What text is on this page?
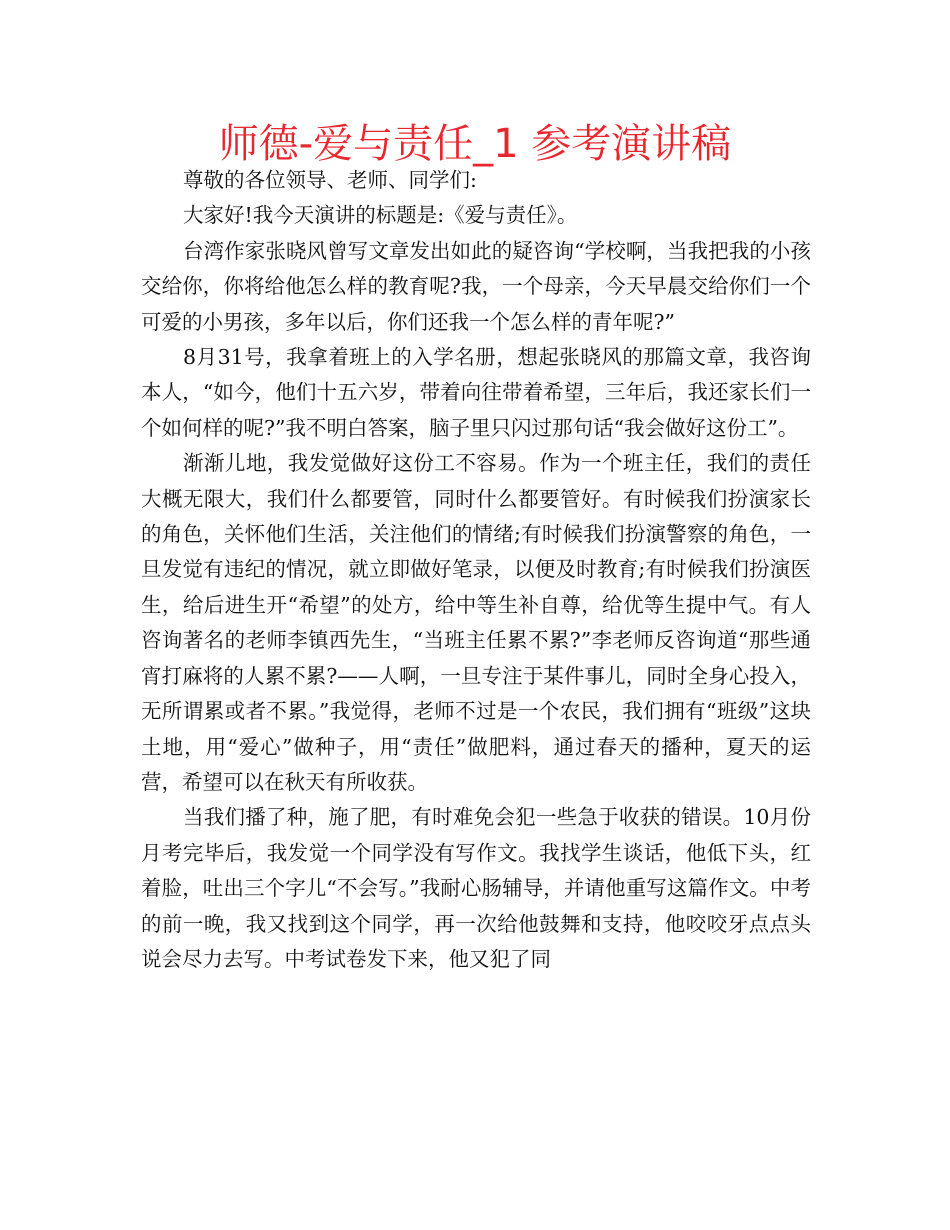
师德-爱与责任_1 参考演讲稿

尊敬的各位领导、老师、同学们:

大家好!我今天演讲的标题是:《爱与责任》。

台湾作家张晓风曾写文章发出如此的疑咨询“学校啊，当我把我的小孩交给你，你将给他怎么样的教育呢?我，一个母亲，今天早晨交给你们一个可爱的小男孩，多年以后，你们还我一个怎么样的青年呢?”

8月31号，我拿着班上的入学名册，想起张晓风的那篇文章，我咨询本人，“如今，他们十五六岁，带着向往带着希望，三年后，我还家长们一个如何样的呢?”我不明白答案，脑子里只闪过那句话“我会做好这份工”。

渐渐儿地，我发觉做好这份工不容易。作为一个班主任，我们的责任大概无限大，我们什么都要管，同时什么都要管好。有时候我们扮演家长的角色，关怀他们生活，关注他们的情绪;有时候我们扮演警察的角色，一旦发觉有违纪的情况，就立即做好笔录，以便及时教育;有时候我们扮演医生，给后进生开“希望”的处方，给中等生补自尊，给优等生提中气。有人咨询著名的老师李镇西先生，“当班主任累不累?”李老师反咨询道“那些通宵打麻将的人累不累?——人啊，一旦专注于某件事儿，同时全身心投入，无所谓累或者不累。”我觉得，老师不过是一个农民，我们拥有“班级”这块土地，用“爱心”做种子，用“责任”做肥料，通过春天的播种，夏天的运营，希望可以在秋天有所收获。

当我们播了种，施了肥，有时难免会犯一些急于收获的错误。10月份月考完毕后，我发觉一个同学没有写作文。我找学生谈话，他低下头，红着脸，吐出三个字儿“不会写。”我耐心肠辅导，并请他重写这篇作文。中考的前一晚，我又找到这个同学，再一次给他鼓舞和支持，他咬咬牙点点头说会尽力去写。中考试卷发下来，他又犯了同
